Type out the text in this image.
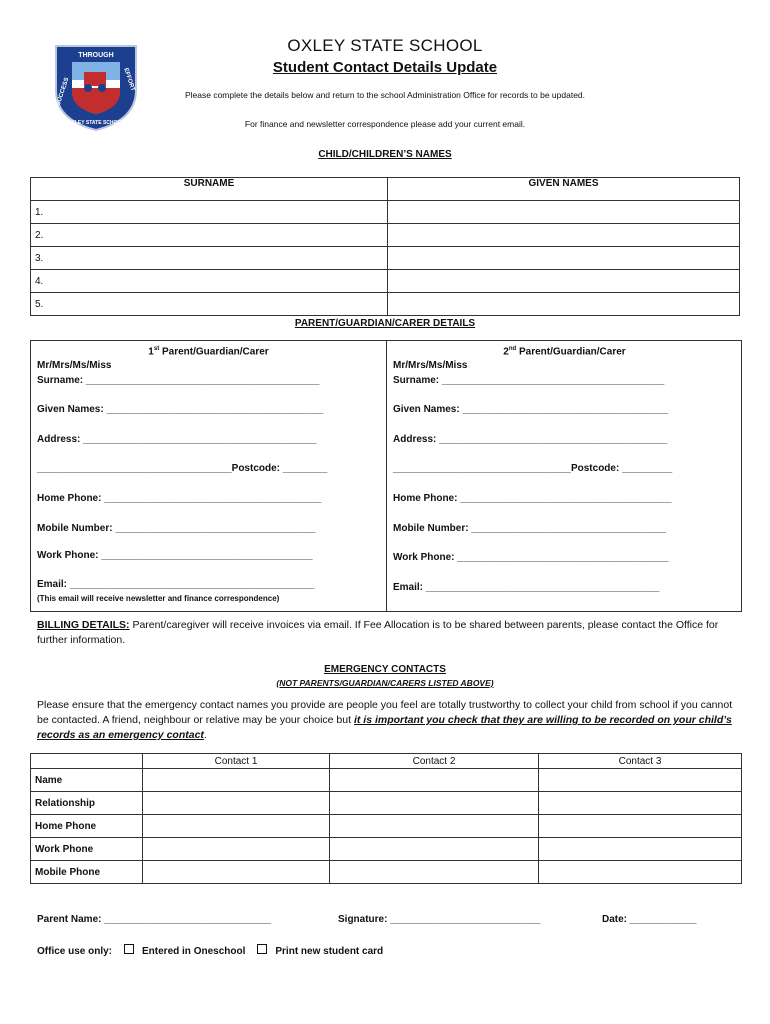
THROUGH
SUCCESS	EFFORT
OXLEY STATE SCHOOL
OXLEY STATE SCHOOL
Student Contact Details Update
Please complete the details below and return to the school Administration Office for records to be updated.
For finance and newsletter correspondence please add your current email.
CHILD/CHILDREN’S NAMES
SURNAME	GIVEN NAMES
1.	
2.	
3.	
4.	
5.	
PARENT/GUARDIAN/CARER DETAILS
1st Parent/Guardian/Carer
Mr/Mrs/Ms/Miss
Surname: __________________________________________
Given Names: _______________________________________
Address: __________________________________________
___________________________________Postcode: ________
Home Phone: _______________________________________
Mobile Number: ____________________________________
Work Phone: ______________________________________
Email: ____________________________________________
(This email will receive newsletter and finance correspondence)
2nd Parent/Guardian/Carer
Mr/Mrs/Ms/Miss
Surname: ________________________________________
Given Names: _____________________________________
Address: _________________________________________
________________________________Postcode: _________
Home Phone: ______________________________________
Mobile Number: ___________________________________
Work Phone: ______________________________________
Email: __________________________________________
BILLING DETAILS: Parent/caregiver will receive invoices via email. If Fee Allocation is to be shared between parents, please contact the Office for further information.
EMERGENCY CONTACTS
(NOT PARENTS/GUARDIAN/CARERS LISTED ABOVE)
Please ensure that the emergency contact names you provide are people you feel are totally trustworthy to collect your child from school if you cannot be contacted. A friend, neighbour or relative may be your choice but it is important you check that they are willing to be recorded on your child’s records as an emergency contact.
	Contact 1	Contact 2	Contact 3
Name			
Relationship			
Home Phone			
Work Phone			
Mobile Phone			
Parent Name: ______________________________	Signature: ___________________________	Date: ____________
Office use only:	Entered in Oneschool	Print new student card
